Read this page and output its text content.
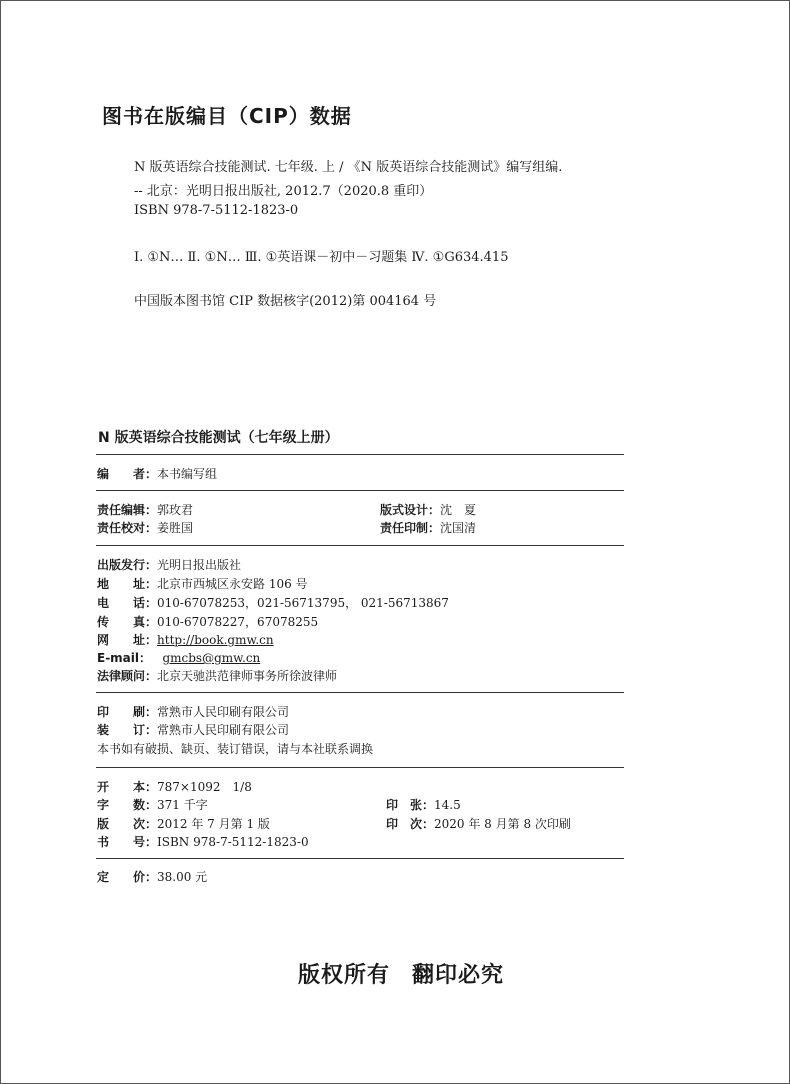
图书在版编目（CIP）数据
N 版英语综合技能测试. 七年级. 上 / 《N 版英语综合技能测试》编写组编.
-- 北京：光明日报出版社, 2012.7（2020.8 重印）
ISBN 978-7-5112-1823-0
Ⅰ. ①N… Ⅱ. ①N… Ⅲ. ①英语课－初中－习题集 Ⅳ. ①G634.415
中国版本图书馆 CIP 数据核字(2012)第 004164 号
N 版英语综合技能测试（七年级上册）
编　　者：本书编写组
责任编辑：郭玫君	版式设计：沈　夏
责任校对：姜胜国	责任印制：沈国清
出版发行：光明日报出版社
地　　址：北京市西城区永安路 106 号
电　　话：010-67078253，021-56713795， 021-56713867
传　　真：010-67078227，67078255
网　　址：http://book.gmw.cn
E-mail： gmcbs@gmw.cn
法律顾问：北京天驰洪范律师事务所徐波律师
印　　刷：常熟市人民印刷有限公司
装　　订：常熟市人民印刷有限公司
本书如有破损、缺页、装订错误，请与本社联系调换
开　　本：787×1092　1/8
字　　数：371 千字	印　张：14.5
版　　次：2012 年 7 月第 1 版	印　次：2020 年 8 月第 8 次印刷
书　　号：ISBN 978-7-5112-1823-0
定　　价：38.00 元
版权所有 翻印必究
